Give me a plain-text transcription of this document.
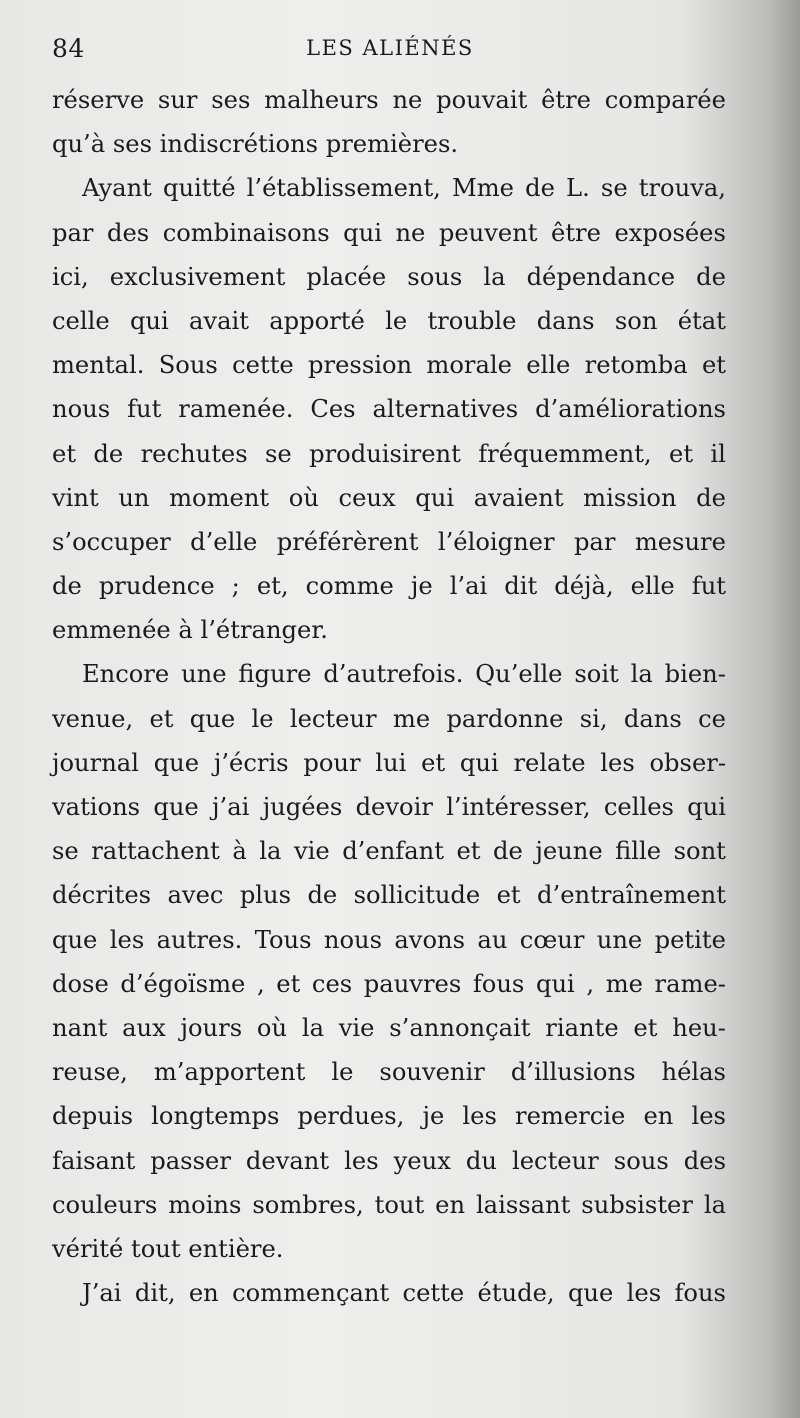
84	LES ALIÉNÉS
réserve sur ses malheurs ne pouvait être comparée
qu’à ses indiscrétions premières.
Ayant quitté l’établissement, Mme de L. se trouva,
par des combinaisons qui ne peuvent être exposées
ici, exclusivement placée sous la dépendance de
celle qui avait apporté le trouble dans son état
mental. Sous cette pression morale elle retomba et
nous fut ramenée. Ces alternatives d’améliorations
et de rechutes se produisirent fréquemment, et il
vint un moment où ceux qui avaient mission de
s’occuper d’elle préférèrent l’éloigner par mesure
de prudence ; et, comme je l’ai dit déjà, elle fut
emmenée à l’étranger.
Encore une figure d’autrefois. Qu’elle soit la bien-
venue, et que le lecteur me pardonne si, dans ce
journal que j’écris pour lui et qui relate les obser-
vations que j’ai jugées devoir l’intéresser, celles qui
se rattachent à la vie d’enfant et de jeune fille sont
décrites avec plus de sollicitude et d’entraînement
que les autres. Tous nous avons au cœur une petite
dose d’égoïsme , et ces pauvres fous qui , me rame-
nant aux jours où la vie s’annonçait riante et heu-
reuse, m’apportent le souvenir d’illusions hélas
depuis longtemps perdues, je les remercie en les
faisant passer devant les yeux du lecteur sous des
couleurs moins sombres, tout en laissant subsister la
vérité tout entière.
J’ai dit, en commençant cette étude, que les fous
